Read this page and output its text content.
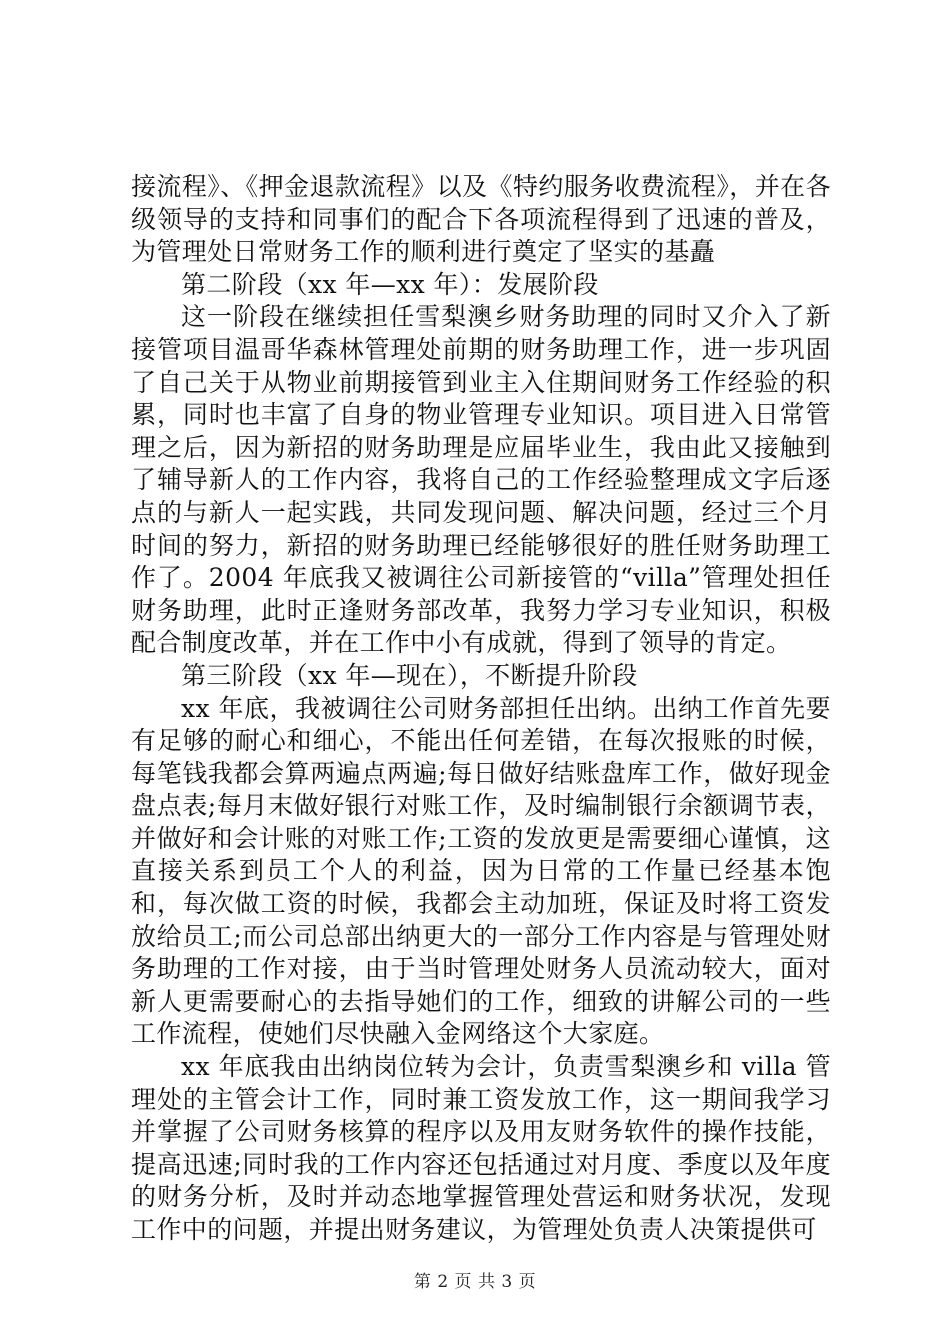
接流程》、《押金退款流程》以及《特约服务收费流程》，并在各级领导的支持和同事们的配合下各项流程得到了迅速的普及，为管理处日常财务工作的顺利进行奠定了坚实的基矗

第二阶段（xx 年—xx 年）：发展阶段

这一阶段在继续担任雪梨澳乡财务助理的同时又介入了新接管项目温哥华森林管理处前期的财务助理工作，进一步巩固了自己关于从物业前期接管到业主入住期间财务工作经验的积累，同时也丰富了自身的物业管理专业知识。项目进入日常管理之后，因为新招的财务助理是应届毕业生，我由此又接触到了辅导新人的工作内容，我将自己的工作经验整理成文字后逐点的与新人一起实践，共同发现问题、解决问题，经过三个月时间的努力，新招的财务助理已经能够很好的胜任财务助理工作了。2004 年底我又被调往公司新接管的“villa”管理处担任财务助理，此时正逢财务部改革，我努力学习专业知识，积极配合制度改革，并在工作中小有成就，得到了领导的肯定。

第三阶段（xx 年—现在），不断提升阶段

xx 年底，我被调往公司财务部担任出纳。出纳工作首先要有足够的耐心和细心，不能出任何差错，在每次报账的时候，每笔钱我都会算两遍点两遍;每日做好结账盘库工作，做好现金盘点表;每月末做好银行对账工作，及时编制银行余额调节表，并做好和会计账的对账工作;工资的发放更是需要细心谨慎，这直接关系到员工个人的利益，因为日常的工作量已经基本饱和，每次做工资的时候，我都会主动加班，保证及时将工资发放给员工;而公司总部出纳更大的一部分工作内容是与管理处财务助理的工作对接，由于当时管理处财务人员流动较大，面对新人更需要耐心的去指导她们的工作，细致的讲解公司的一些工作流程，使她们尽快融入金网络这个大家庭。

xx 年底我由出纳岗位转为会计，负责雪梨澳乡和 villa 管理处的主管会计工作，同时兼工资发放工作，这一期间我学习并掌握了公司财务核算的程序以及用友财务软件的操作技能，提高迅速;同时我的工作内容还包括通过对月度、季度以及年度的财务分析，及时并动态地掌握管理处营运和财务状况，发现工作中的问题，并提出财务建议，为管理处负责人决策提供可

第 2 页 共 3 页
